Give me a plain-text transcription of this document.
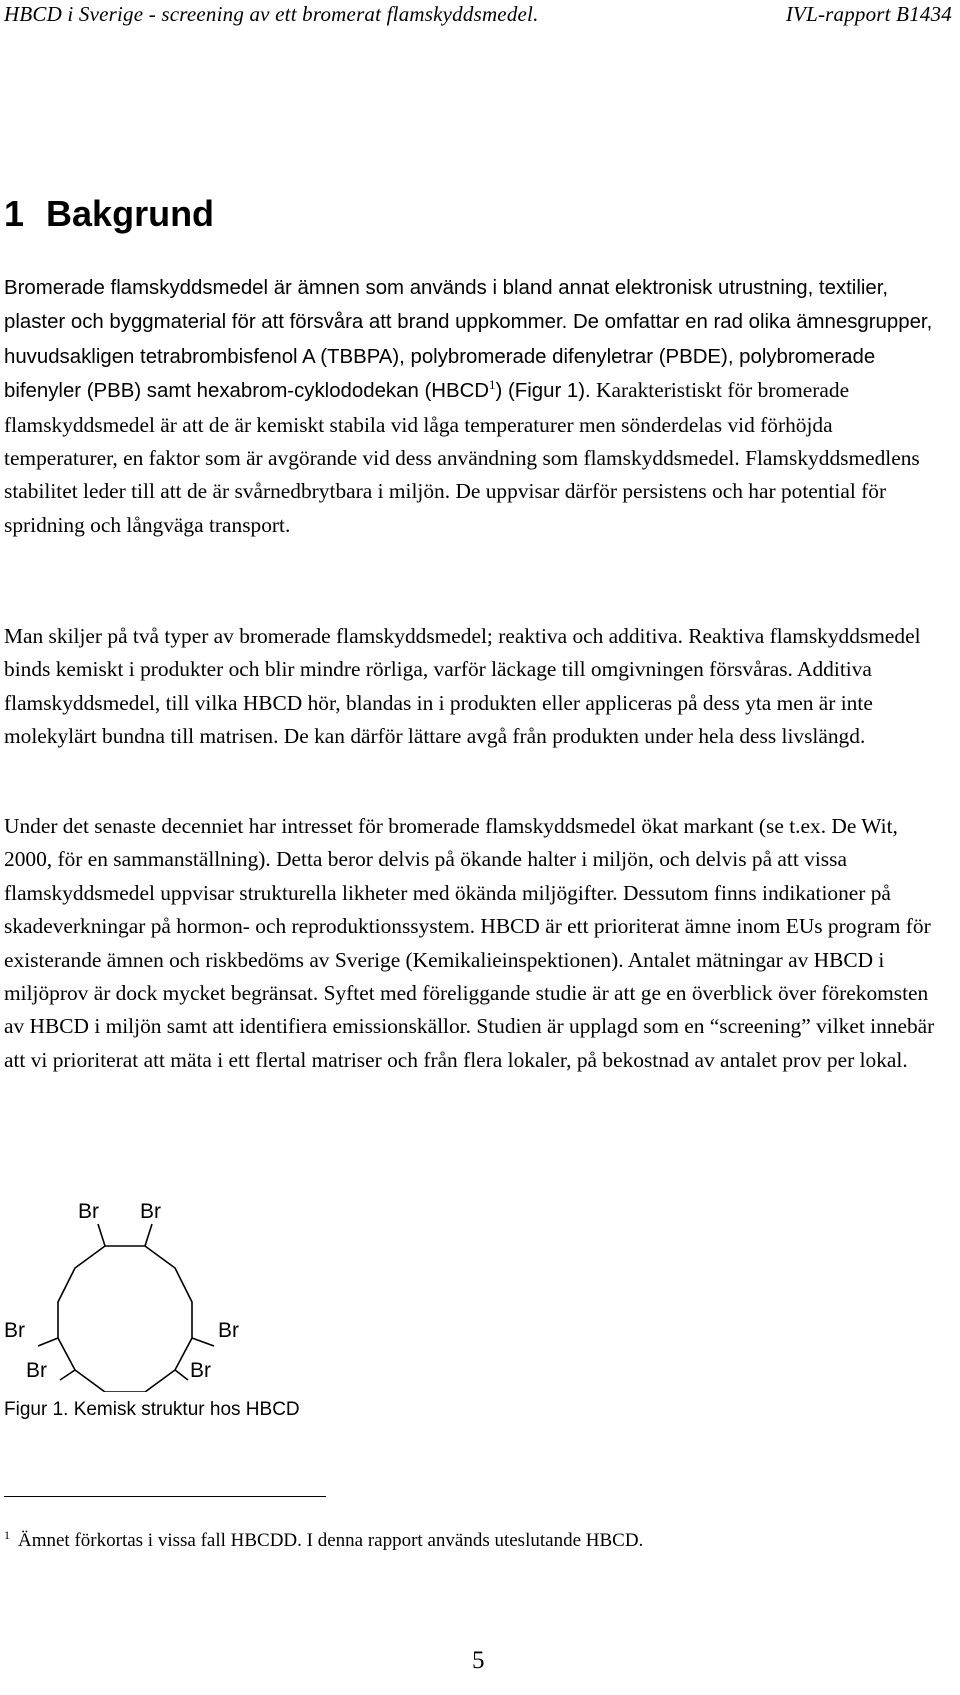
HBCD i Sverige - screening av ett bromerat flamskyddsmedel.	IVL-rapport B1434
1 Bakgrund

Bromerade flamskyddsmedel är ämnen som används i bland annat elektronisk utrustning, textilier, plaster och byggmaterial för att försvåra att brand uppkommer. De omfattar en rad olika ämnesgrupper, huvudsakligen tetrabrombisfenol A (TBBPA), polybromerade difenyletrar (PBDE), polybromerade bifenyler (PBB) samt hexabrom-cyklododekan (HBCD$^1$) (Figur 1). Karakteristiskt för bromerade flamskyddsmedel är att de är kemiskt stabila vid låga temperaturer men sönderdelas vid förhöjda temperaturer, en faktor som är avgörande vid dess användning som flamskyddsmedel. Flamskyddsmedlens stabilitet leder till att de är svårnedbrytbara i miljön. De uppvisar därför persistens och har potential för spridning och långväga transport.

Man skiljer på två typer av bromerade flamskyddsmedel; reaktiva och additiva. Reaktiva flamskyddsmedel binds kemiskt i produkter och blir mindre rörliga, varför läckage till omgivningen försvåras. Additiva flamskyddsmedel, till vilka HBCD hör, blandas in i produkten eller appliceras på dess yta men är inte molekylärt bundna till matrisen. De kan därför lättare avgå från produkten under hela dess livslängd.

Under det senaste decenniet har intresset för bromerade flamskyddsmedel ökat markant (se t.ex. De Wit, 2000, för en sammanställning). Detta beror delvis på ökande halter i miljön, och delvis på att vissa flamskyddsmedel uppvisar strukturella likheter med ökända miljögifter. Dessutom finns indikationer på skadeverkningar på hormon- och reproduktionssystem. HBCD är ett prioriterat ämne inom EUs program för existerande ämnen och riskbedöms av Sverige (Kemikalieinspektionen). Antalet mätningar av HBCD i miljöprov är dock mycket begränsat. Syftet med föreliggande studie är att ge en överblick över förekomsten av HBCD i miljön samt att identifiera emissionskällor. Studien är upplagd som en “screening” vilket innebär att vi prioriterat att mäta i ett flertal matriser och från flera lokaler, på bekostnad av antalet prov per lokal.

Br Br
Br	Br
Br	Br
Figur 1. Kemisk struktur hos HBCD
$^1$ Ämnet förkortas i vissa fall HBCDD. I denna rapport används uteslutande HBCD.
5
